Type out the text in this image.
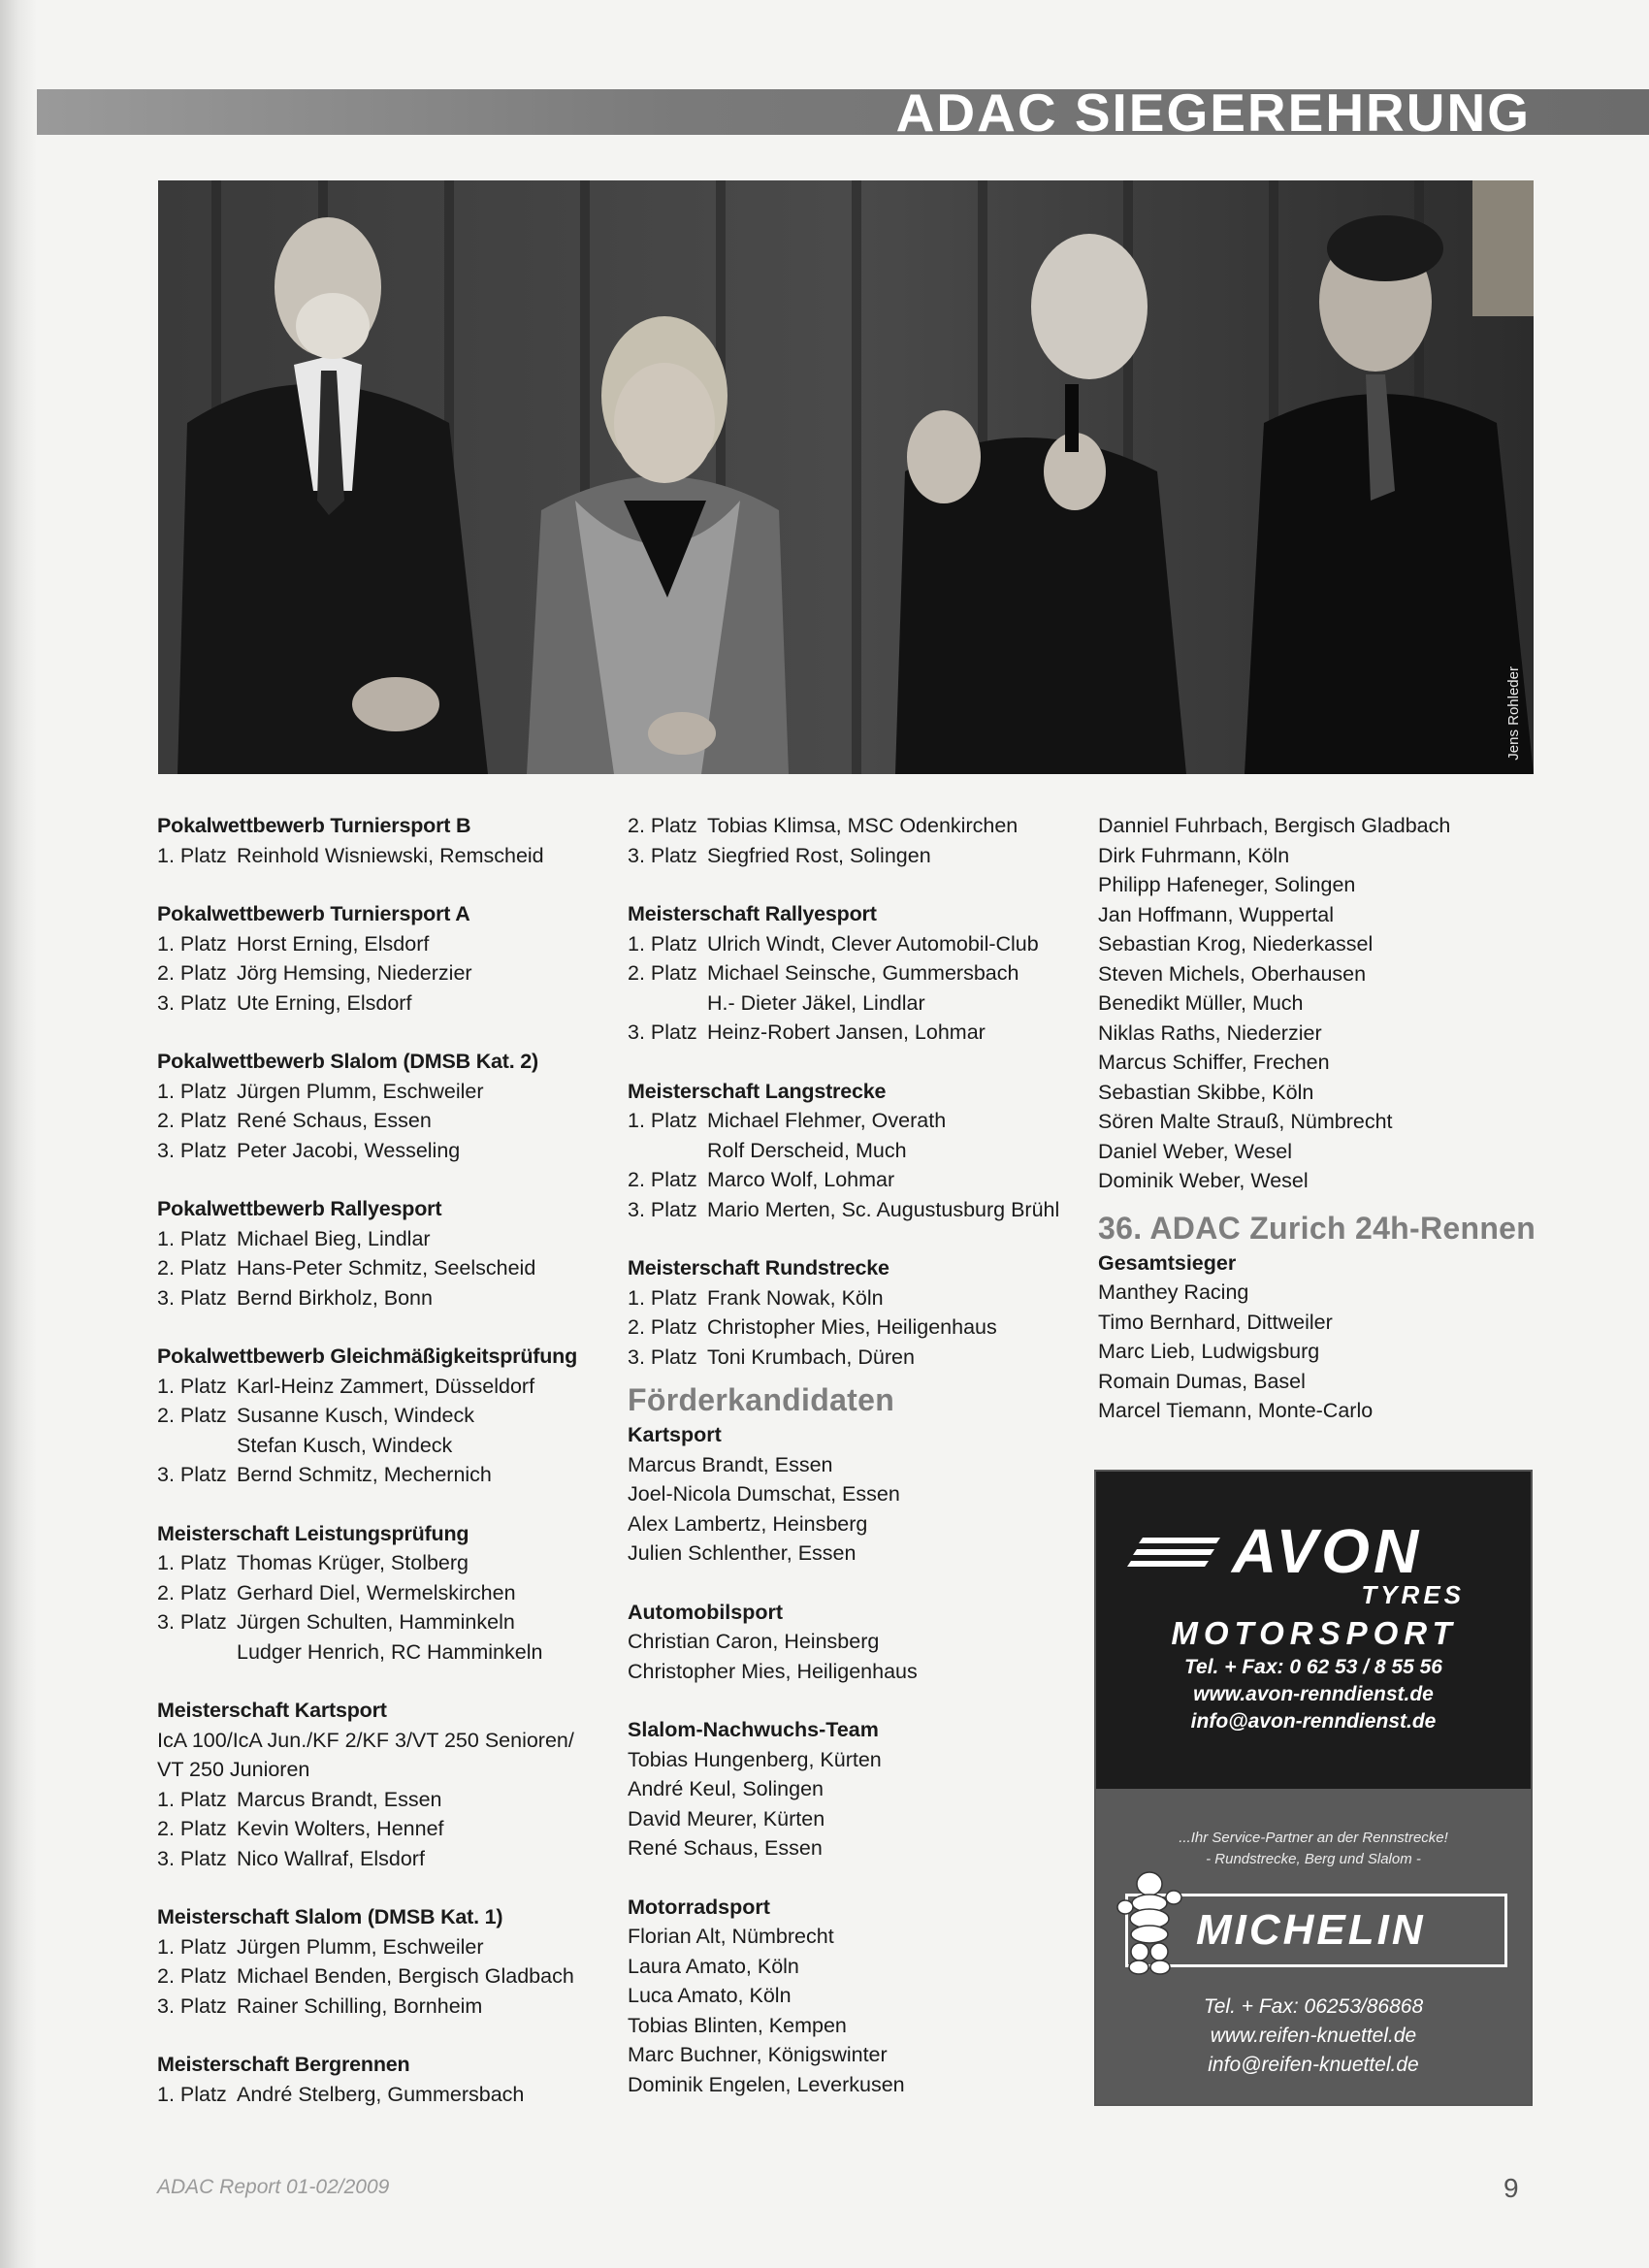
ADAC SIEGEREHRUNG
Jens Rohleder
Pokalwettbewerb Turniersport B
1. Platz Reinhold Wisniewski, Remscheid
Pokalwettbewerb Turniersport A
1. Platz Horst Erning, Elsdorf
2. Platz Jörg Hemsing, Niederzier
3. Platz Ute Erning, Elsdorf
Pokalwettbewerb Slalom (DMSB Kat. 2)
1. Platz Jürgen Plumm, Eschweiler
2. Platz René Schaus, Essen
3. Platz Peter Jacobi, Wesseling
Pokalwettbewerb Rallyesport
1. Platz Michael Bieg, Lindlar
2. Platz Hans-Peter Schmitz, Seelscheid
3. Platz Bernd Birkholz, Bonn
Pokalwettbewerb Gleichmäßigkeitsprüfung
1. Platz Karl-Heinz Zammert, Düsseldorf
2. Platz Susanne Kusch, Windeck
Stefan Kusch, Windeck
3. Platz Bernd Schmitz, Mechernich
Meisterschaft Leistungsprüfung
1. Platz Thomas Krüger, Stolberg
2. Platz Gerhard Diel, Wermelskirchen
3. Platz Jürgen Schulten, Hamminkeln
Ludger Henrich, RC Hamminkeln
Meisterschaft Kartsport
IcA 100/IcA Jun./KF 2/KF 3/VT 250 Senioren/
VT 250 Junioren
1. Platz Marcus Brandt, Essen
2. Platz Kevin Wolters, Hennef
3. Platz Nico Wallraf, Elsdorf
Meisterschaft Slalom (DMSB Kat. 1)
1. Platz Jürgen Plumm, Eschweiler
2. Platz Michael Benden, Bergisch Gladbach
3. Platz Rainer Schilling, Bornheim
Meisterschaft Bergrennen
1. Platz André Stelberg, Gummersbach
2. Platz Tobias Klimsa, MSC Odenkirchen
3. Platz Siegfried Rost, Solingen
Meisterschaft Rallyesport
1. Platz Ulrich Windt, Clever Automobil-Club
2. Platz Michael Seinsche, Gummersbach
H.- Dieter Jäkel, Lindlar
3. Platz Heinz-Robert Jansen, Lohmar
Meisterschaft Langstrecke
1. Platz Michael Flehmer, Overath
Rolf Derscheid, Much
2. Platz Marco Wolf, Lohmar
3. Platz Mario Merten, Sc. Augustusburg Brühl
Meisterschaft Rundstrecke
1. Platz Frank Nowak, Köln
2. Platz Christopher Mies, Heiligenhaus
3. Platz Toni Krumbach, Düren
Förderkandidaten
Kartsport
Marcus Brandt, Essen
Joel-Nicola Dumschat, Essen
Alex Lambertz, Heinsberg
Julien Schlenther, Essen
Automobilsport
Christian Caron, Heinsberg
Christopher Mies, Heiligenhaus
Slalom-Nachwuchs-Team
Tobias Hungenberg, Kürten
André Keul, Solingen
David Meurer, Kürten
René Schaus, Essen
Motorradsport
Florian Alt, Nümbrecht
Laura Amato, Köln
Luca Amato, Köln
Tobias Blinten, Kempen
Marc Buchner, Königswinter
Dominik Engelen, Leverkusen
Danniel Fuhrbach, Bergisch Gladbach
Dirk Fuhrmann, Köln
Philipp Hafeneger, Solingen
Jan Hoffmann, Wuppertal
Sebastian Krog, Niederkassel
Steven Michels, Oberhausen
Benedikt Müller, Much
Niklas Raths, Niederzier
Marcus Schiffer, Frechen
Sebastian Skibbe, Köln
Sören Malte Strauß, Nümbrecht
Daniel Weber, Wesel
Dominik Weber, Wesel
36. ADAC Zurich 24h-Rennen
Gesamtsieger
Manthey Racing
Timo Bernhard, Dittweiler
Marc Lieb, Ludwigsburg
Romain Dumas, Basel
Marcel Tiemann, Monte-Carlo
AVON
TYRES
MOTORSPORT
Tel. + Fax: 0 62 53 / 8 55 56
www.avon-renndienst.de
info@avon-renndienst.de
...Ihr Service-Partner an der Rennstrecke!
- Rundstrecke, Berg und Slalom -
MICHELIN
Tel. + Fax: 06253/86868
www.reifen-knuettel.de
info@reifen-knuettel.de
ADAC Report 01-02/2009	9
